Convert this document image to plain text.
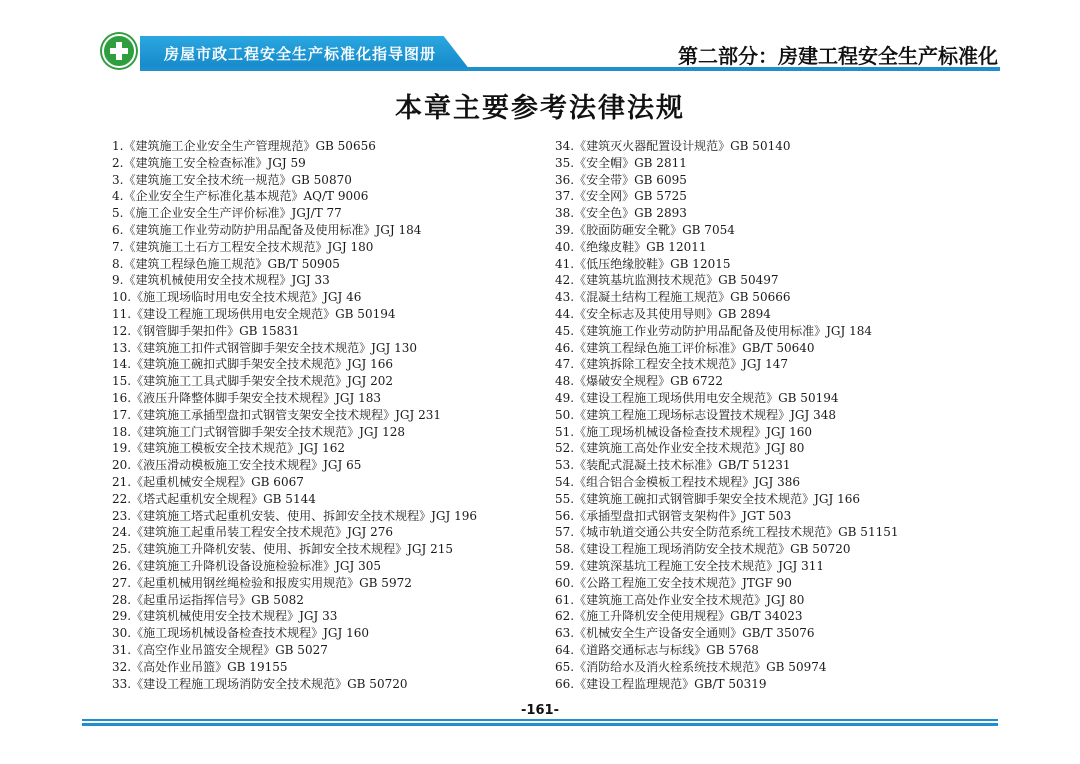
房屋市政工程安全生产标准化指导图册	第二部分：房建工程安全生产标准化
本章主要参考法律法规
1.《建筑施工企业安全生产管理规范》GB 50656
2.《建筑施工安全检查标准》JGJ 59
3.《建筑施工安全技术统一规范》GB 50870
4.《企业安全生产标准化基本规范》AQ/T 9006
5.《施工企业安全生产评价标准》JGJ/T 77
6.《建筑施工作业劳动防护用品配备及使用标准》JGJ 184
7.《建筑施工土石方工程安全技术规范》JGJ 180
8.《建筑工程绿色施工规范》GB/T 50905
9.《建筑机械使用安全技术规程》JGJ 33
10.《施工现场临时用电安全技术规范》JGJ 46
11.《建设工程施工现场供用电安全规范》GB 50194
12.《钢管脚手架扣件》GB 15831
13.《建筑施工扣件式钢管脚手架安全技术规范》JGJ 130
14.《建筑施工碗扣式脚手架安全技术规范》JGJ 166
15.《建筑施工工具式脚手架安全技术规范》JGJ 202
16.《液压升降整体脚手架安全技术规程》JGJ 183
17.《建筑施工承插型盘扣式钢管支架安全技术规程》JGJ 231
18.《建筑施工门式钢管脚手架安全技术规范》JGJ 128
19.《建筑施工模板安全技术规范》JGJ 162
20.《液压滑动模板施工安全技术规程》JGJ 65
21.《起重机械安全规程》GB 6067
22.《塔式起重机安全规程》GB 5144
23.《建筑施工塔式起重机安装、使用、拆卸安全技术规程》JGJ 196
24.《建筑施工起重吊装工程安全技术规范》JGJ 276
25.《建筑施工升降机安装、使用、拆卸安全技术规程》JGJ 215
26.《建筑施工升降机设备设施检验标准》JGJ 305
27.《起重机械用钢丝绳检验和报废实用规范》GB 5972
28.《起重吊运指挥信号》GB 5082
29.《建筑机械使用安全技术规程》JGJ 33
30.《施工现场机械设备检查技术规程》JGJ 160
31.《高空作业吊篮安全规程》GB 5027
32.《高处作业吊篮》GB 19155
33.《建设工程施工现场消防安全技术规范》GB 50720
34.《建筑灭火器配置设计规范》GB 50140
35.《安全帽》GB 2811
36.《安全带》GB 6095
37.《安全网》GB 5725
38.《安全色》GB 2893
39.《胶面防砸安全靴》GB 7054
40.《绝缘皮鞋》GB 12011
41.《低压绝缘胶鞋》GB 12015
42.《建筑基坑监测技术规范》GB 50497
43.《混凝土结构工程施工规范》GB 50666
44.《安全标志及其使用导则》GB 2894
45.《建筑施工作业劳动防护用品配备及使用标准》JGJ 184
46.《建筑工程绿色施工评价标准》GB/T 50640
47.《建筑拆除工程安全技术规范》JGJ 147
48.《爆破安全规程》GB 6722
49.《建设工程施工现场供用电安全规范》GB 50194
50.《建筑工程施工现场标志设置技术规程》JGJ 348
51.《施工现场机械设备检查技术规程》JGJ 160
52.《建筑施工高处作业安全技术规范》JGJ 80
53.《装配式混凝土技术标准》GB/T 51231
54.《组合铝合金模板工程技术规程》JGJ 386
55.《建筑施工碗扣式钢管脚手架安全技术规范》JGJ 166
56.《承插型盘扣式钢管支架构件》JGT 503
57.《城市轨道交通公共安全防范系统工程技术规范》GB 51151
58.《建设工程施工现场消防安全技术规范》GB 50720
59.《建筑深基坑工程施工安全技术规范》JGJ 311
60.《公路工程施工安全技术规范》JTGF 90
61.《建筑施工高处作业安全技术规范》JGJ 80
62.《施工升降机安全使用规程》GB/T 34023
63.《机械安全生产设备安全通则》GB/T 35076
64.《道路交通标志与标线》GB 5768
65.《消防给水及消火栓系统技术规范》GB 50974
66.《建设工程监理规范》GB/T 50319
-161-
